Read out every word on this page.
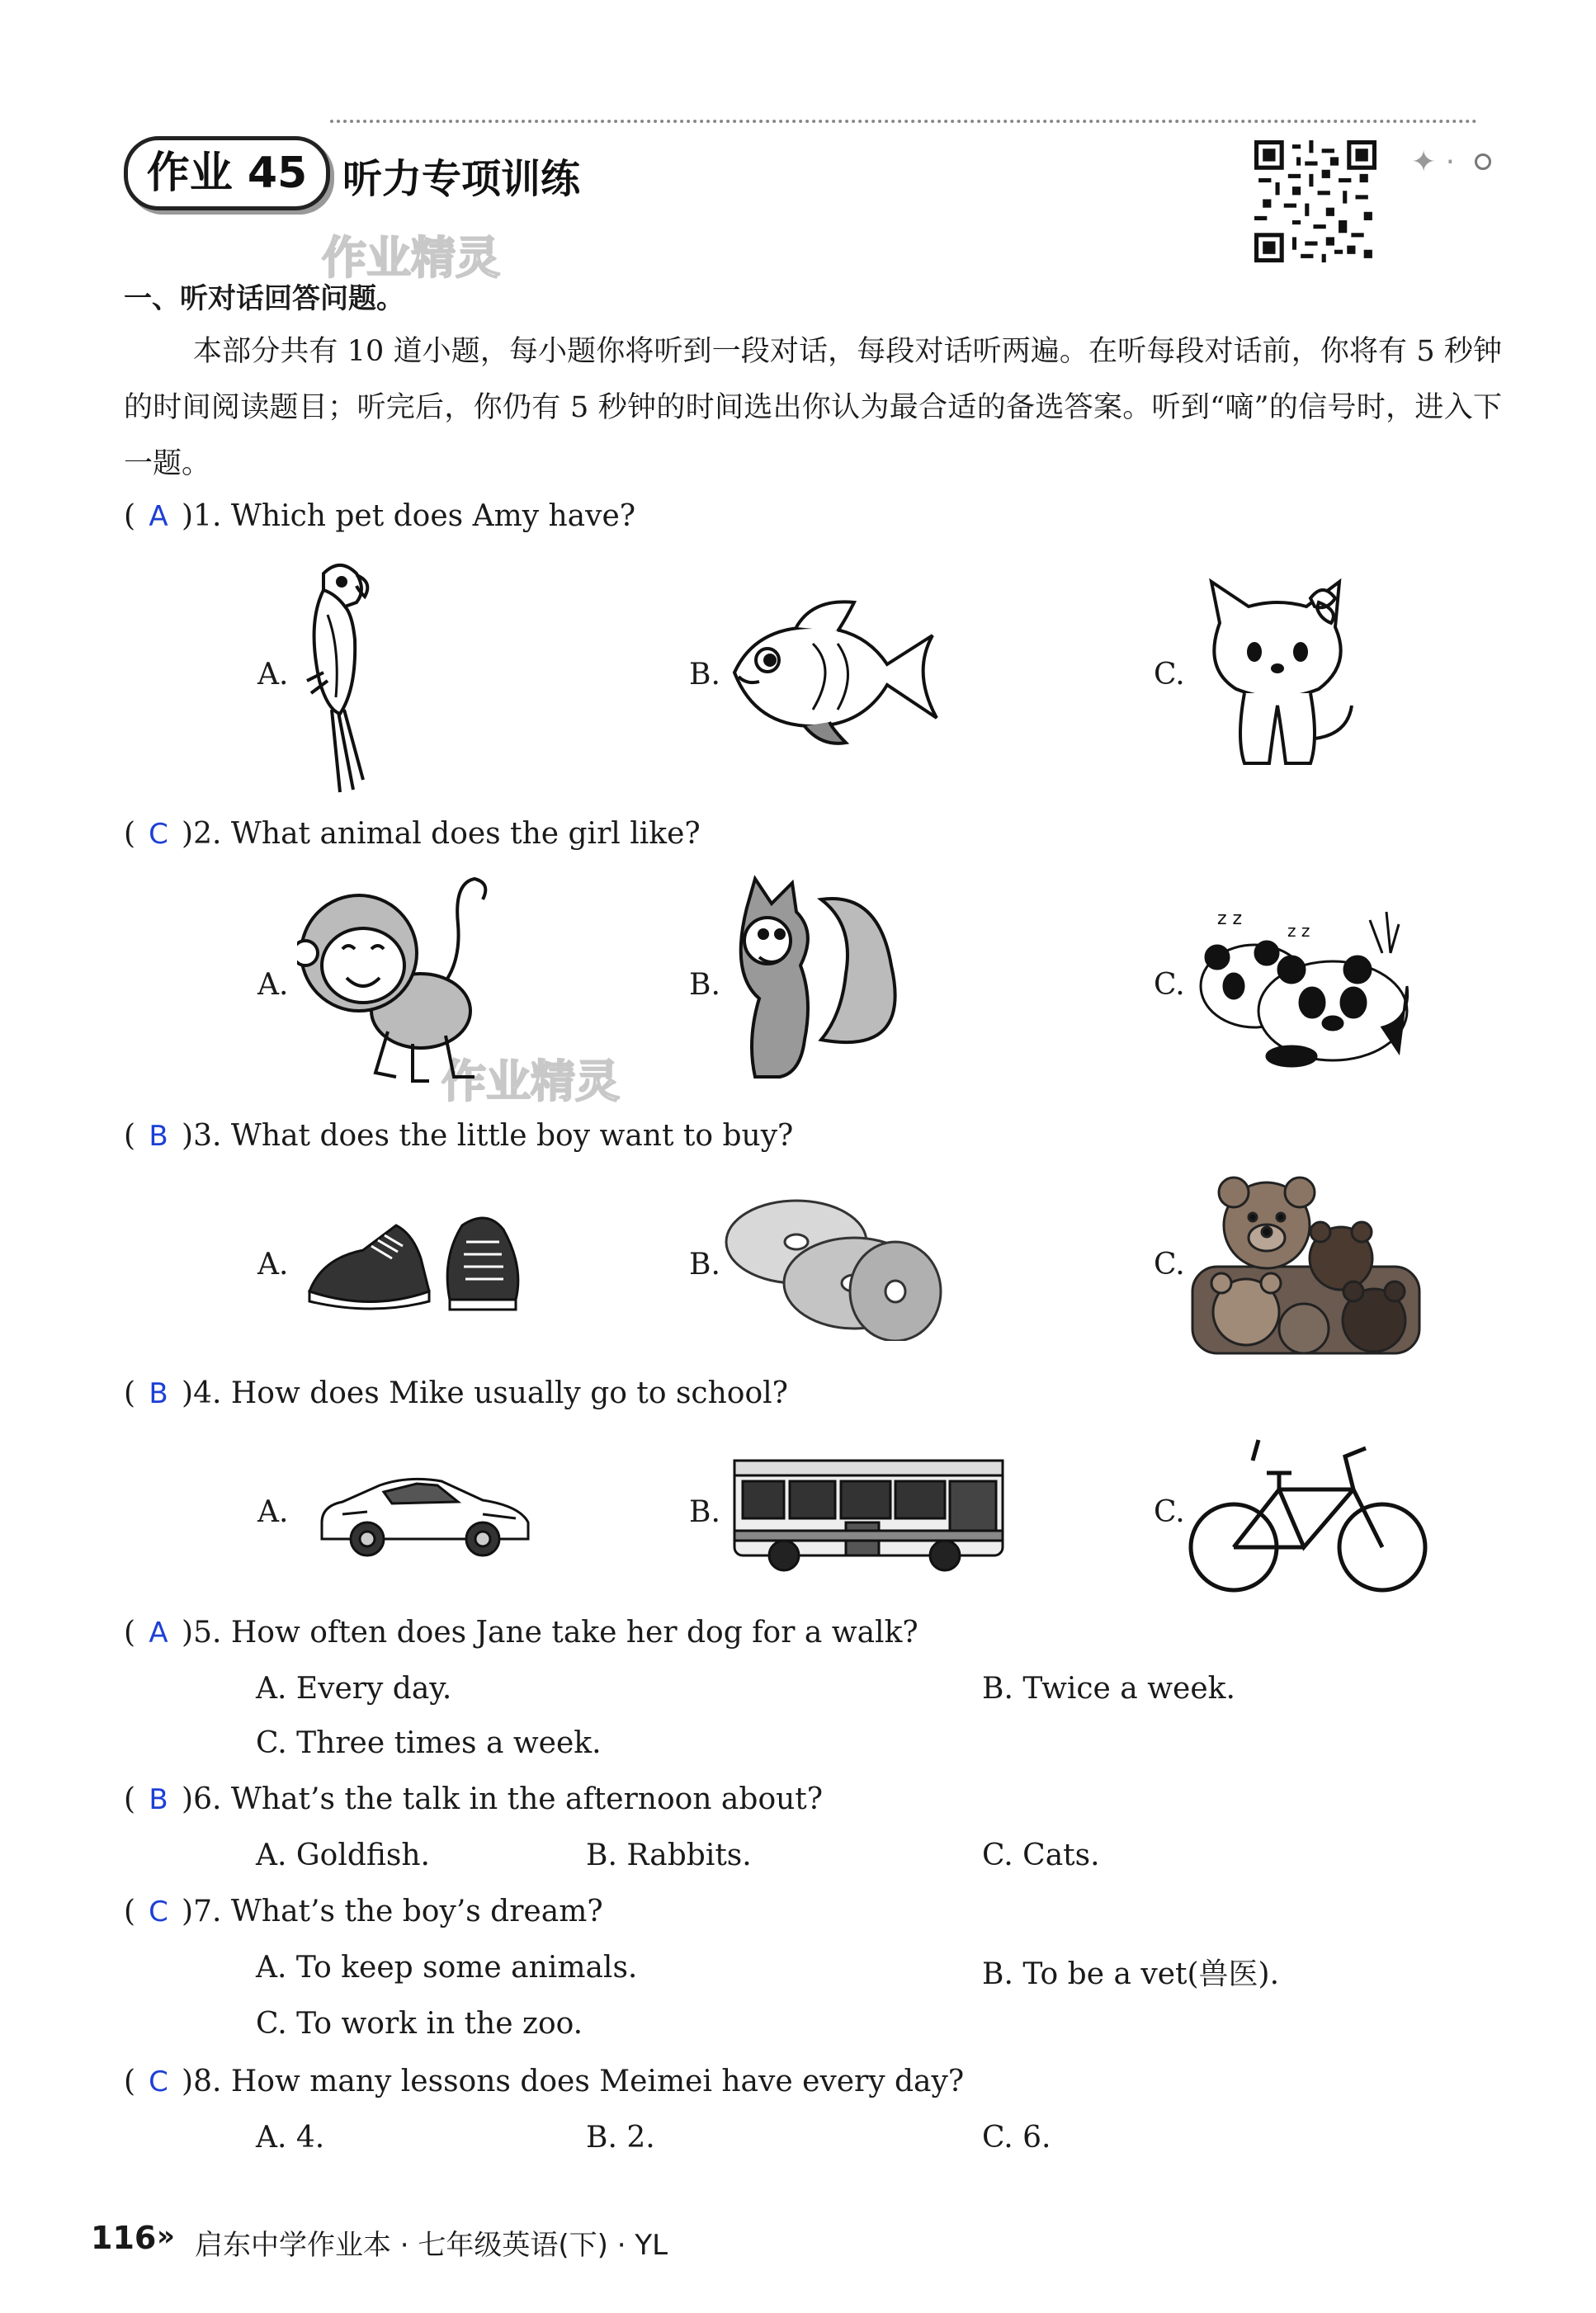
作业 45 听力专项训练	✦ ·
作业精灵
作业精灵
一、听对话回答问题。
本部分共有 10 道小题，每小题你将听到一段对话，每段对话听两遍。在听每段对话前，你将有 5 秒钟的时间阅读题目；听完后，你仍有 5 秒钟的时间选出你认为最合适的备选答案。听到“嘀”的信号时，进入下一题。
( A )1. Which pet does Amy have?
A.	B.	C.
( C )2. What animal does the girl like?
A.	B.	C.
z z
z z
( B )3. What does the little boy want to buy?
A.	B.	C.
( B )4. How does Mike usually go to school?
A.	B.	C.
( A )5. How often does Jane take her dog for a walk?
A. Every day.	B. Twice a week.
C. Three times a week.
( B )6. What’s the talk in the afternoon about?
A. Goldfish.	B. Rabbits.	C. Cats.
( C )7. What’s the boy’s dream?
A. To keep some animals.	B. To be a vet(兽医).
C. To work in the zoo.
( C )8. How many lessons does Meimei have every day?
A. 4.	B. 2.	C. 6.
116 » 启东中学作业本 · 七年级英语(下) · YL
